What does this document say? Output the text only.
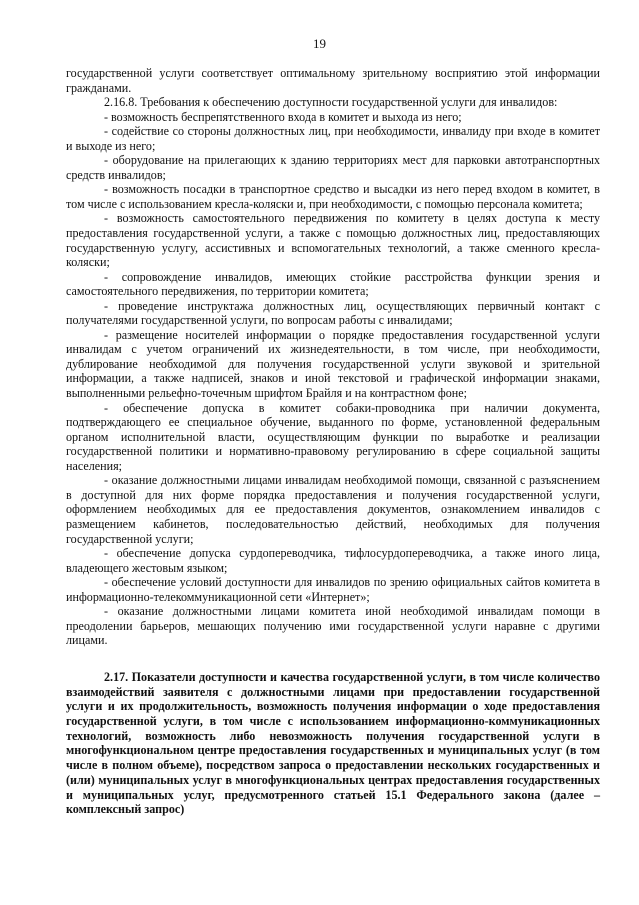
19

государственной услуги соответствует оптимальному зрительному восприятию этой информации гражданами.

2.16.8. Требования к обеспечению доступности государственной услуги для инвалидов:

- возможность беспрепятственного входа в комитет и выхода из него;

- содействие со стороны должностных лиц, при необходимости, инвалиду при входе в комитет и выходе из него;

- оборудование на прилегающих к зданию территориях мест для парковки автотранспортных средств инвалидов;

- возможность посадки в транспортное средство и высадки из него перед входом в комитет, в том числе с использованием кресла-коляски и, при необходимости, с помощью персонала комитета;

- возможность самостоятельного передвижения по комитету в целях доступа к месту предоставления государственной услуги, а также с помощью должностных лиц, предоставляющих государственную услугу, ассистивных и вспомогательных технологий, а также сменного кресла-коляски;

- сопровождение инвалидов, имеющих стойкие расстройства функции зрения и самостоятельного передвижения, по территории комитета;

- проведение инструктажа должностных лиц, осуществляющих первичный контакт с получателями государственной услуги, по вопросам работы с инвалидами;

- размещение носителей информации о порядке предоставления государственной услуги инвалидам с учетом ограничений их жизнедеятельности, в том числе, при необходимости, дублирование необходимой для получения государственной услуги звуковой и зрительной информации, а также надписей, знаков и иной текстовой и графической информации знаками, выполненными рельефно-точечным шрифтом Брайля и на контрастном фоне;

- обеспечение допуска в комитет собаки-проводника при наличии документа, подтверждающего ее специальное обучение, выданного по форме, установленной федеральным органом исполнительной власти, осуществляющим функции по выработке и реализации государственной политики и нормативно-правовому регулированию в сфере социальной защиты населения;

- оказание должностными лицами инвалидам необходимой помощи, связанной с разъяснением в доступной для них форме порядка предоставления и получения государственной услуги, оформлением необходимых для ее предоставления документов, ознакомлением инвалидов с размещением кабинетов, последовательностью действий, необходимых для получения государственной услуги;

- обеспечение допуска сурдопереводчика, тифлосурдопереводчика, а также иного лица, владеющего жестовым языком;

- обеспечение условий доступности для инвалидов по зрению официальных сайтов комитета в информационно-телекоммуникационной сети «Интернет»;

- оказание должностными лицами комитета иной необходимой инвалидам помощи в преодолении барьеров, мешающих получению ими государственной услуги наравне с другими лицами.

2.17. Показатели доступности и качества государственной услуги, в том числе количество взаимодействий заявителя с должностными лицами при предоставлении государственной услуги и их продолжительность, возможность получения информации о ходе предоставления государственной услуги, в том числе с использованием информационно-коммуникационных технологий, возможность либо невозможность получения государственной услуги в многофункциональном центре предоставления государственных и муниципальных услуг (в том числе в полном объеме), посредством запроса о предоставлении нескольких государственных и (или) муниципальных услуг в многофункциональных центрах предоставления государственных и муниципальных услуг, предусмотренного статьей 15.1 Федерального закона (далее – комплексный запрос)
